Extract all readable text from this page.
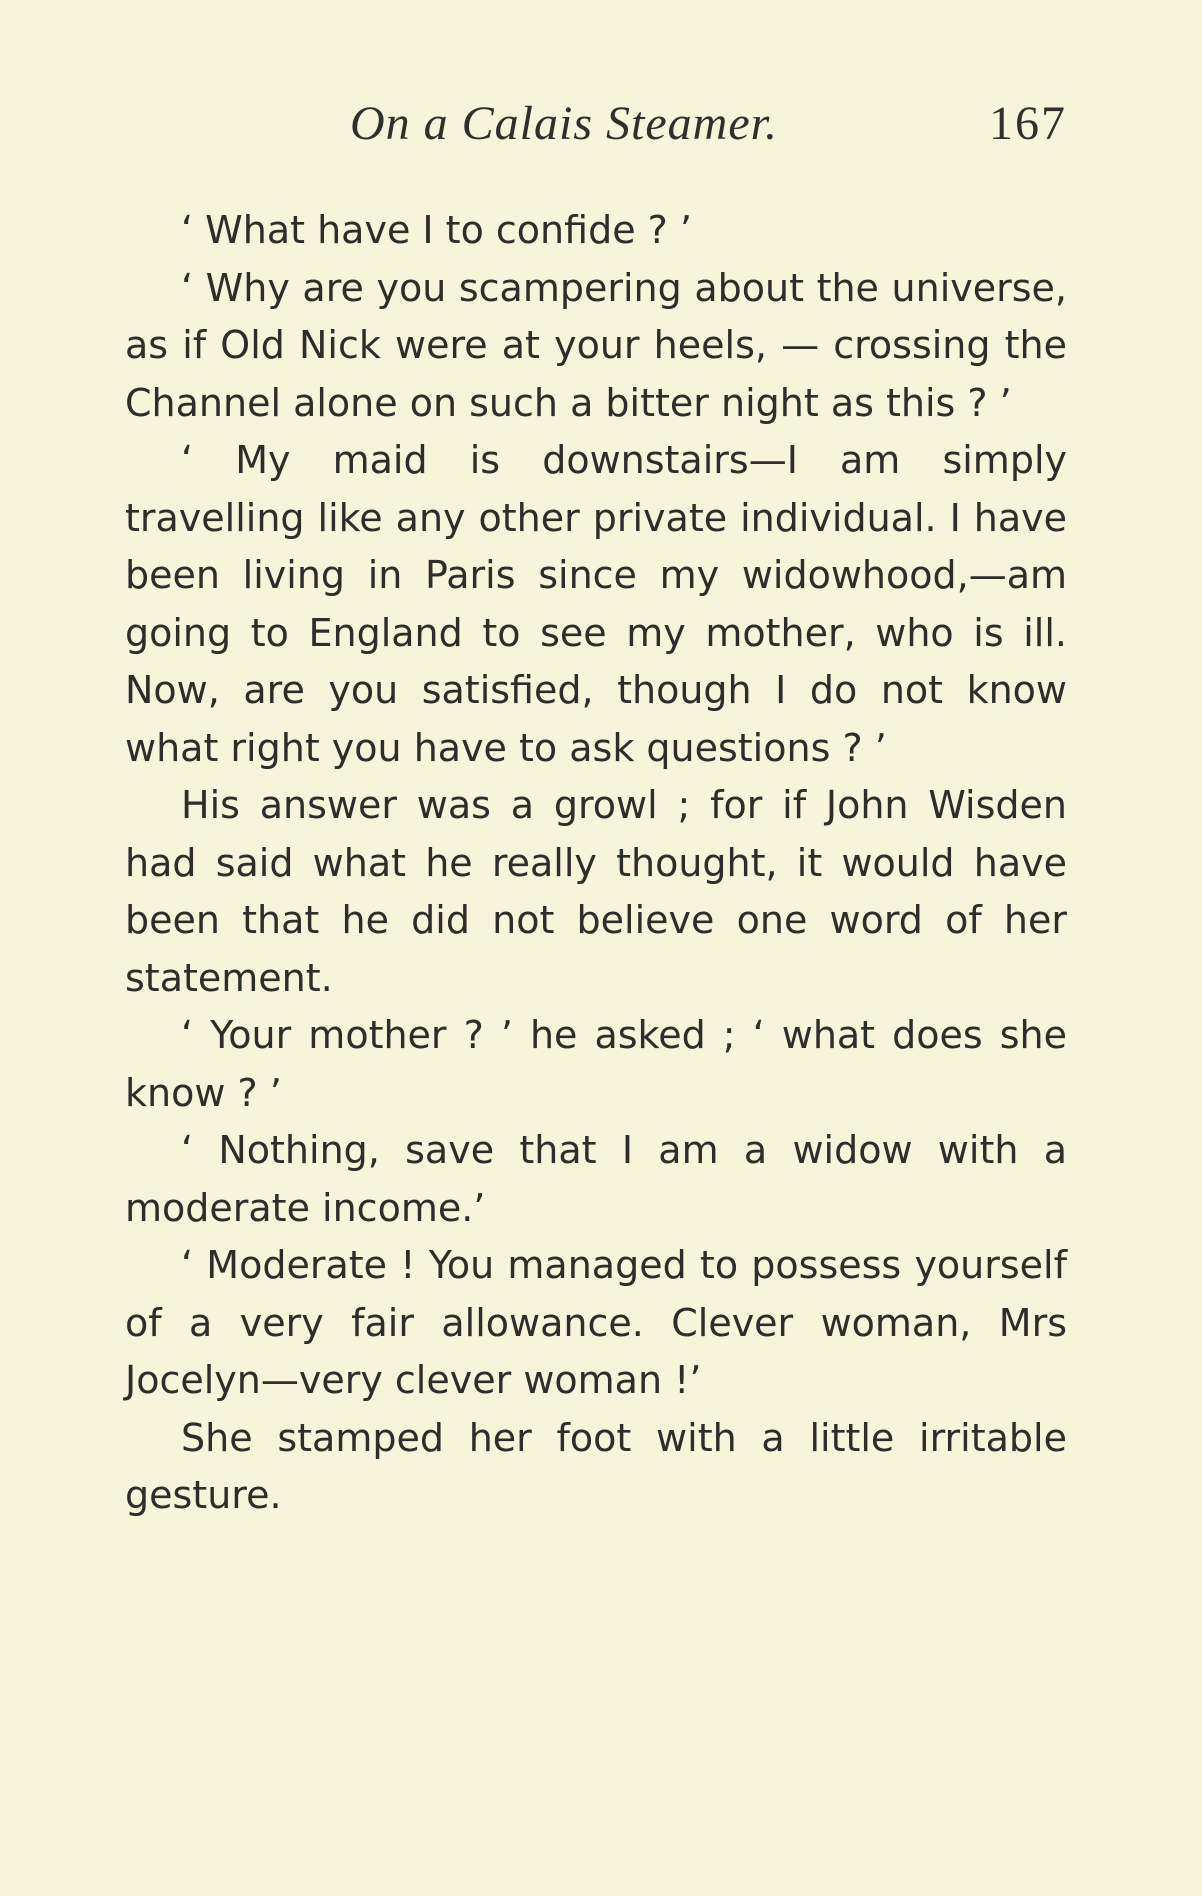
On a Calais Steamer.	167

‘ What have I to confide ? ’

‘ Why are you scampering about the universe, as if Old Nick were at your heels, — crossing the Channel alone on such a bitter night as this ? ’

‘ My maid is downstairs—I am simply travelling like any other private individual. I have been living in Paris since my widowhood,—am going to England to see my mother, who is ill. Now, are you satisfied, though I do not know what right you have to ask questions ? ’

His answer was a growl ; for if John Wisden had said what he really thought, it would have been that he did not believe one word of her statement.

‘ Your mother ? ’ he asked ; ‘ what does she know ? ’

‘ Nothing, save that I am a widow with a moderate income.’

‘ Moderate ! You managed to possess yourself of a very fair allowance. Clever woman, Mrs Jocelyn—very clever woman !’

She stamped her foot with a little irritable gesture.
